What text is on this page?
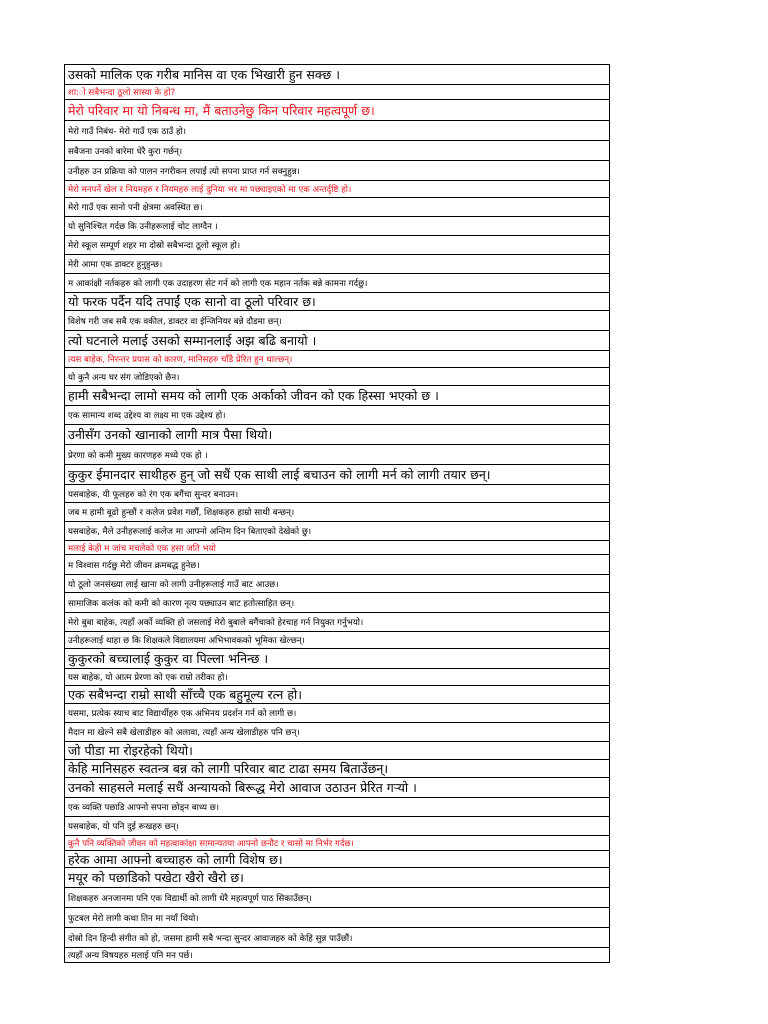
उसको मालिक एक गरीब मानिस वा एक भिखारी हुन सक्छ ।
शा:ो सबैभन्दा ठूलो सास्या के हो?
मेरो परिवार मा यो निबन्ध मा, मैं बताउनेछु किन परिवार महत्वपूर्ण छ।
मेरो गाउँ निबंध- मेरो गाउँ एक ठाउँ हो।
सबैजना उनको बारेमा धेरै कुरा गर्छन्।
उनीहरु उन प्रक्रिया को पालन नगरीकन लपाईं त्यो सपना प्राप्त गर्न सक्नुहुन्न।
मेरो मनपर्ने खेल र नियमहरु र नियमहरु लाई दुनिया भर मा पछ्याइएको मा एक अन्तर्दृष्टि हो।
मेरो गाउँ एक सानो पनी क्षेत्रमा अवस्थित छ।
यो सुनिश्चित गर्दछ कि उनीहरूलाई चोट लाग्दैन ।
मेरो स्कूल सम्पूर्ण शहर मा दोस्रो सबैभन्दा ठूलो स्कूल हो।
मेरी आमा एक डाक्टर हुनुहुन्छ।
म आकांक्षी नर्तकहरु को लागी एक उदाहरण सेट गर्न को लागी एक महान नर्तक बन्ने कामना गर्दछु।
यो फरक पर्दैन यदि तपाईं एक सानो वा ठूलो परिवार छ।
विशेष गरी जब सबै एक वकील, डाक्टर वा ईन्जिनियर बन्ने दौडमा छन्।
त्यो घटनाले मलाई उसको सम्मानलाई अझ बढि बनायो ।
त्यस बाहेक, निरन्तर प्रयास को कारण, मानिसहरु चाँडै प्रेरित हुन थाल्छन्।
यो कुनै अन्य घर संग जोडिएको छैन।
हामी सबैभन्दा लामो समय को लागी एक अर्काको जीवन को एक हिस्सा भएको छ ।
एक सामान्य शब्द उद्देश्य वा लक्ष्य मा एक उद्देश्य हो।
उनीसँग उनको खानाको लागी मात्र पैसा थियो।
प्रेरणा को कमी मुख्य कारणहरु मध्ये एक हो ।
कुकुर ईमानदार साथीहरु हुन् जो सधैं एक साथी लाई बचाउन को लागी मर्न को लागी तयार छन्।
यसबाहेक, यी फूलहरु को रंग एक बगैंचा सुन्दर बनाउन।
जब म हामी बूढो हुन्छौं र कलेज प्रवेश गर्छौं, शिक्षकहरु हाम्रो साथी बन्छन्।
यसबाहेक, मैले उनीहरूलाई कलेज मा आफ्नो अन्तिम दिन बिताएको देखेको छु।
मलाई केही म जांच मचलेको एक हसा जति भयो
म विश्वास गर्दछु मेरो जीवन क्रमबद्ध हुनेछ।
यो ठूलो जनसंख्या लाई खाना को लागी उनीहरूलाई गाउँ बाट आउछ।
सामाजिक कलंक को कमी को कारण नृत्य पछ्याउन बाट हतोत्साहित छन्।
मेरो बुबा बाहेक, त्यहाँ अर्को व्यक्ति हो जसलाई मेरो बुबाले बगैंचाको हेरचाह गर्न नियुक्त गर्नुभयो।
उनीहरूलाई थाहा छ कि शिक्षकले विद्यालयमा अभिभावकको भूमिका खेल्छन्।
कुकुरको बच्चालाई कुकुर वा पिल्ला भनिन्छ ।
यस बाहेक, यो आत्म प्रेरणा को एक राम्रो तरीका हो।
एक सबैभन्दा राम्रो साथी साँच्चै एक बहुमूल्य रत्न हो।
यसमा, प्रत्येक स्याच बाट विद्यार्थीहरु एक अभिनय प्रदर्शन गर्न को लागी छ।
मैदान मा खेल्ने सबै खेलाडीहरु को अलावा, त्यहाँ अन्य खेलाडीहरु पनि छन्।
जो पीडा मा रोइरहेको थियो।
केहि मानिसहरु स्वतन्त्र बन्न को लागी परिवार बाट टाढा समय बिताउँछन्।
उनको साहसले मलाई सधैं अन्यायको बिरूद्ध मेरो आवाज उठाउन प्रेरित गर्‍यो ।
एक व्यक्ति पछाडि आफ्नो सपना छोड्न बाध्य छ।
यसबाहेक, यो पनि दुई रूखहरु छन्।
कुनै पनि व्यक्तिको जीवन को महत्वाकांक्षा सामान्यतया आफ्नो छनौट र चासो मा निर्भर गर्दछ।
हरेक आमा आफ्नो बच्चाहरु को लागी विशेष छ।
मयूर को पछाडिको पखेटा खैरो खैरो छ।
शिक्षकहरु अनजानमा पनि एक विद्यार्थी को लागी धेरै महत्वपूर्ण पाठ सिकाउँछन्।
फुटबल मेरो लागी कथा तिन मा नयाँ थियो।
दोस्रो दिन हिन्दी संगीत को हो, जसमा हामी सबै भन्दा सुन्दर आवाजहरु को केहि सुन्न पाउँछौं।
त्यहाँ अन्य विषयहरु मलाई पनि मन पर्छ।
